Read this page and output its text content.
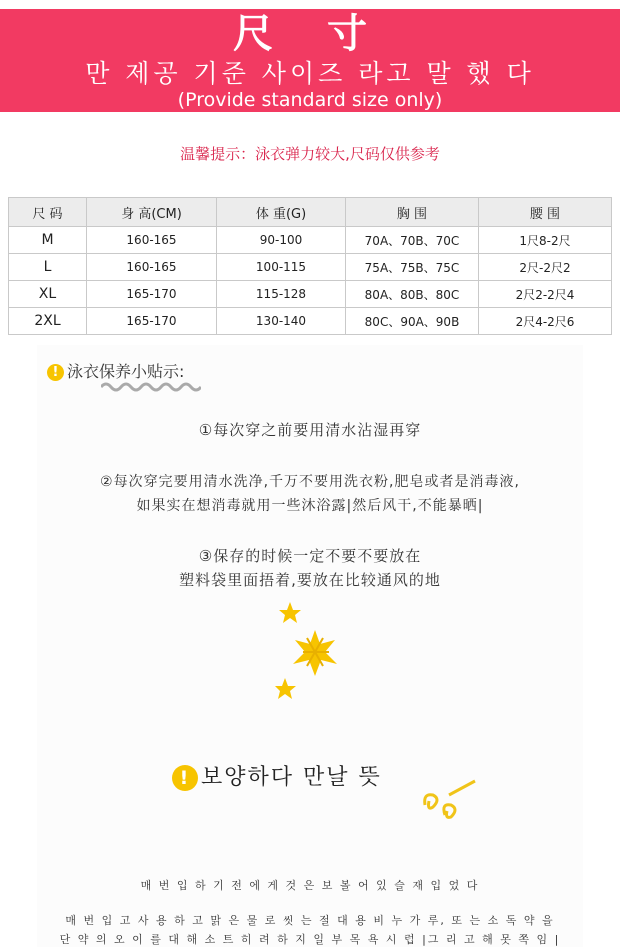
尺 寸
만 제공 기준 사이즈 라고 말 했 다
(Provide standard size only)
温馨提示：泳衣弹力较大,尺码仅供参考
尺 码	身 高(CM)	体 重(G)	胸 围	腰 围
M	160-165	90-100	70A、70B、70C	1尺8-2尺
L	160-165	100-115	75A、75B、75C	2尺-2尺2
XL	165-170	115-128	80A、80B、80C	2尺2-2尺4
2XL	165-170	130-140	80C、90A、90B	2尺4-2尺6
! 泳衣保养小贴示:
①每次穿之前要用清水沾湿再穿
②每次穿完要用清水洗净,千万不要用洗衣粉,肥皂或者是消毒液,
如果实在想消毒就用一些沐浴露|然后风干,不能暴晒|
③保存的时候一定不要不要放在
塑料袋里面捂着,要放在比较通风的地
! 보양하다 만날 뜻
매 번 입 하 기 전 에 게 것 은 보 볼 어 있 슬 재 입 었 다
매 번 입 고 사 용 하 고 맑 은 물 로 씻 는 절 대 용 비 누 가 루, 또 는 소 독 약 을
단 약 의 오 이 를 대 해 소 트 히 려 하 지 일 부 목 욕 시 럽 |그 리 고 해 못 쪽 임 |
